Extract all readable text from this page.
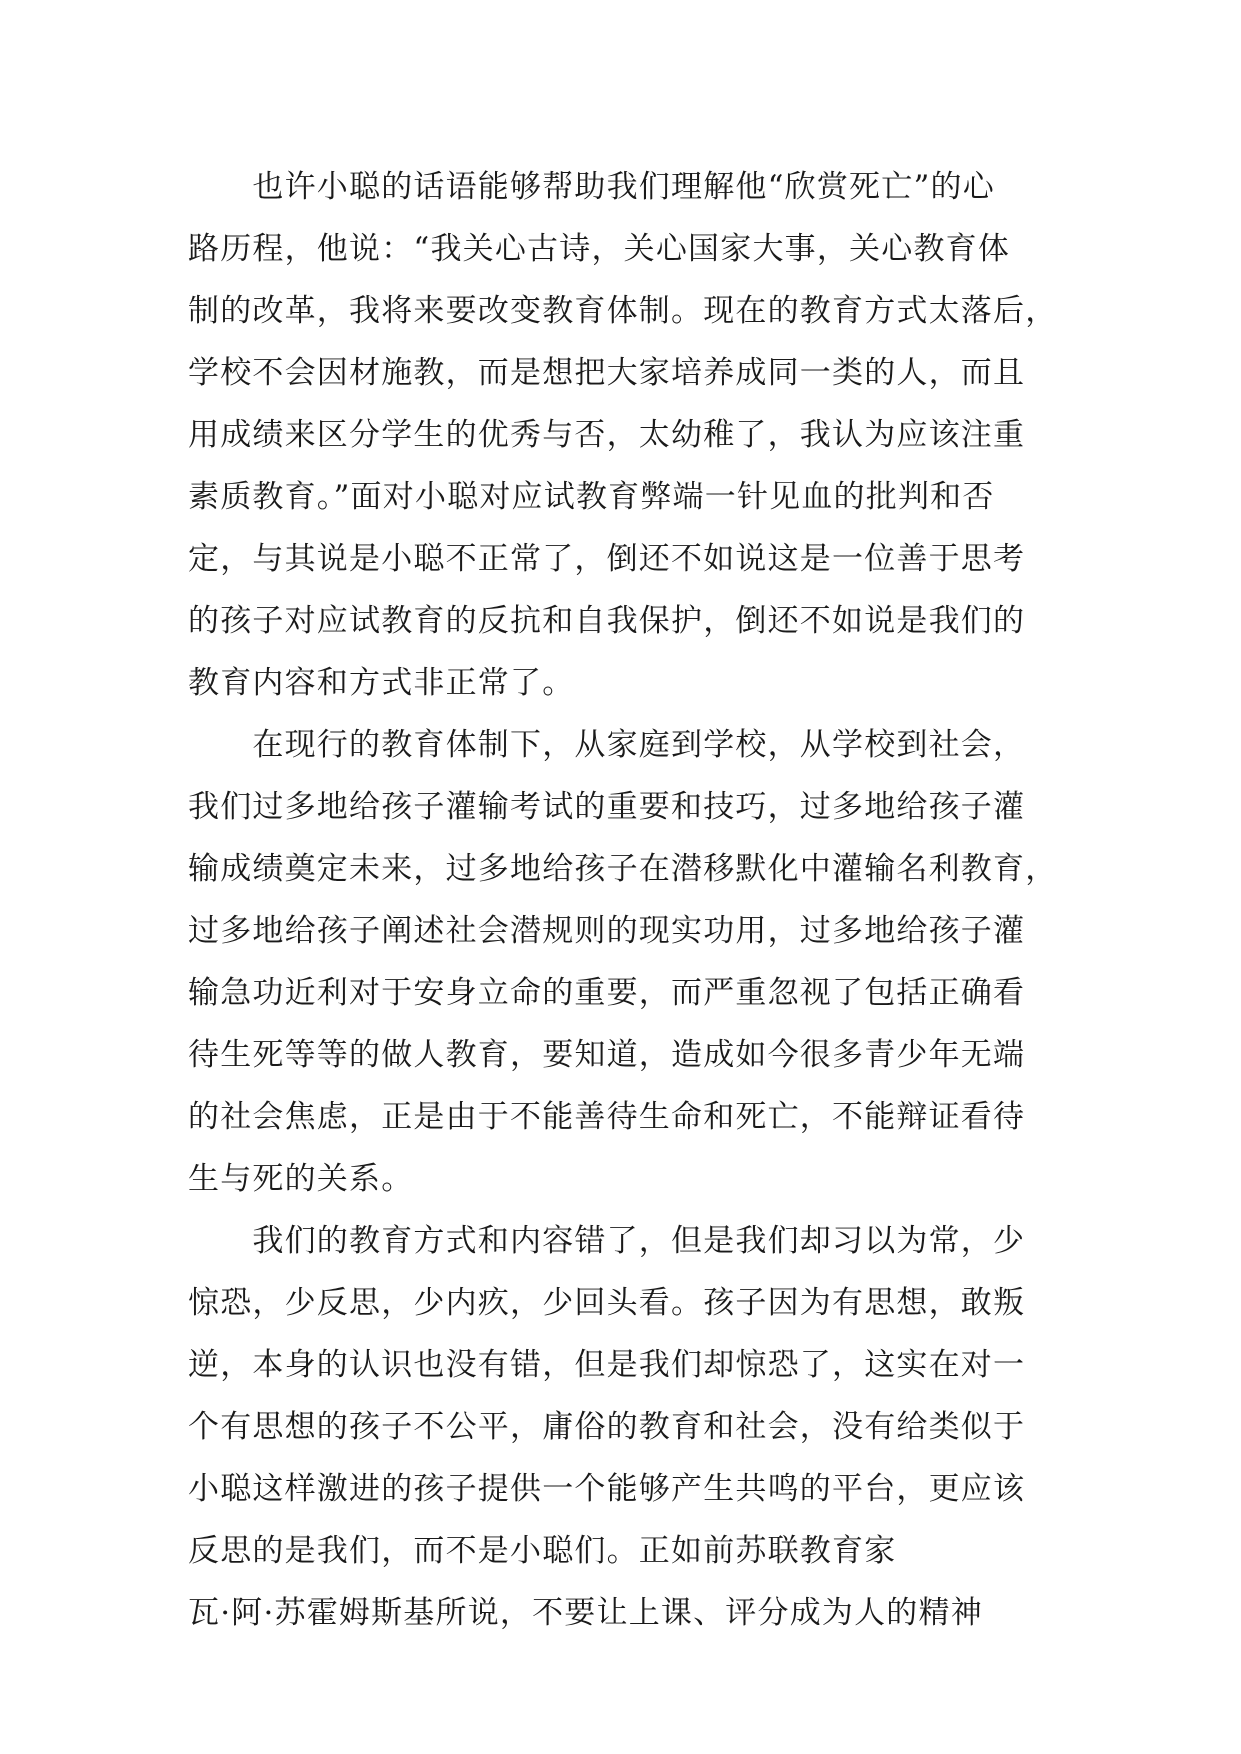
　　也许小聪的话语能够帮助我们理解他“欣赏死亡”的心
路历程，他说：“我关心古诗，关心国家大事，关心教育体
制的改革，我将来要改变教育体制。现在的教育方式太落后，
学校不会因材施教，而是想把大家培养成同一类的人，而且
用成绩来区分学生的优秀与否，太幼稚了，我认为应该注重
素质教育。”面对小聪对应试教育弊端一针见血的批判和否
定，与其说是小聪不正常了，倒还不如说这是一位善于思考
的孩子对应试教育的反抗和自我保护，倒还不如说是我们的
教育内容和方式非正常了。
　　在现行的教育体制下，从家庭到学校，从学校到社会，
我们过多地给孩子灌输考试的重要和技巧，过多地给孩子灌
输成绩奠定未来，过多地给孩子在潜移默化中灌输名利教育，
过多地给孩子阐述社会潜规则的现实功用，过多地给孩子灌
输急功近利对于安身立命的重要，而严重忽视了包括正确看
待生死等等的做人教育，要知道，造成如今很多青少年无端
的社会焦虑，正是由于不能善待生命和死亡，不能辩证看待
生与死的关系。
　　我们的教育方式和内容错了，但是我们却习以为常，少
惊恐，少反思，少内疚，少回头看。孩子因为有思想，敢叛
逆，本身的认识也没有错，但是我们却惊恐了，这实在对一
个有思想的孩子不公平，庸俗的教育和社会，没有给类似于
小聪这样激进的孩子提供一个能够产生共鸣的平台，更应该
反思的是我们，而不是小聪们。正如前苏联教育家
瓦·阿·苏霍姆斯基所说，不要让上课、评分成为人的精神
